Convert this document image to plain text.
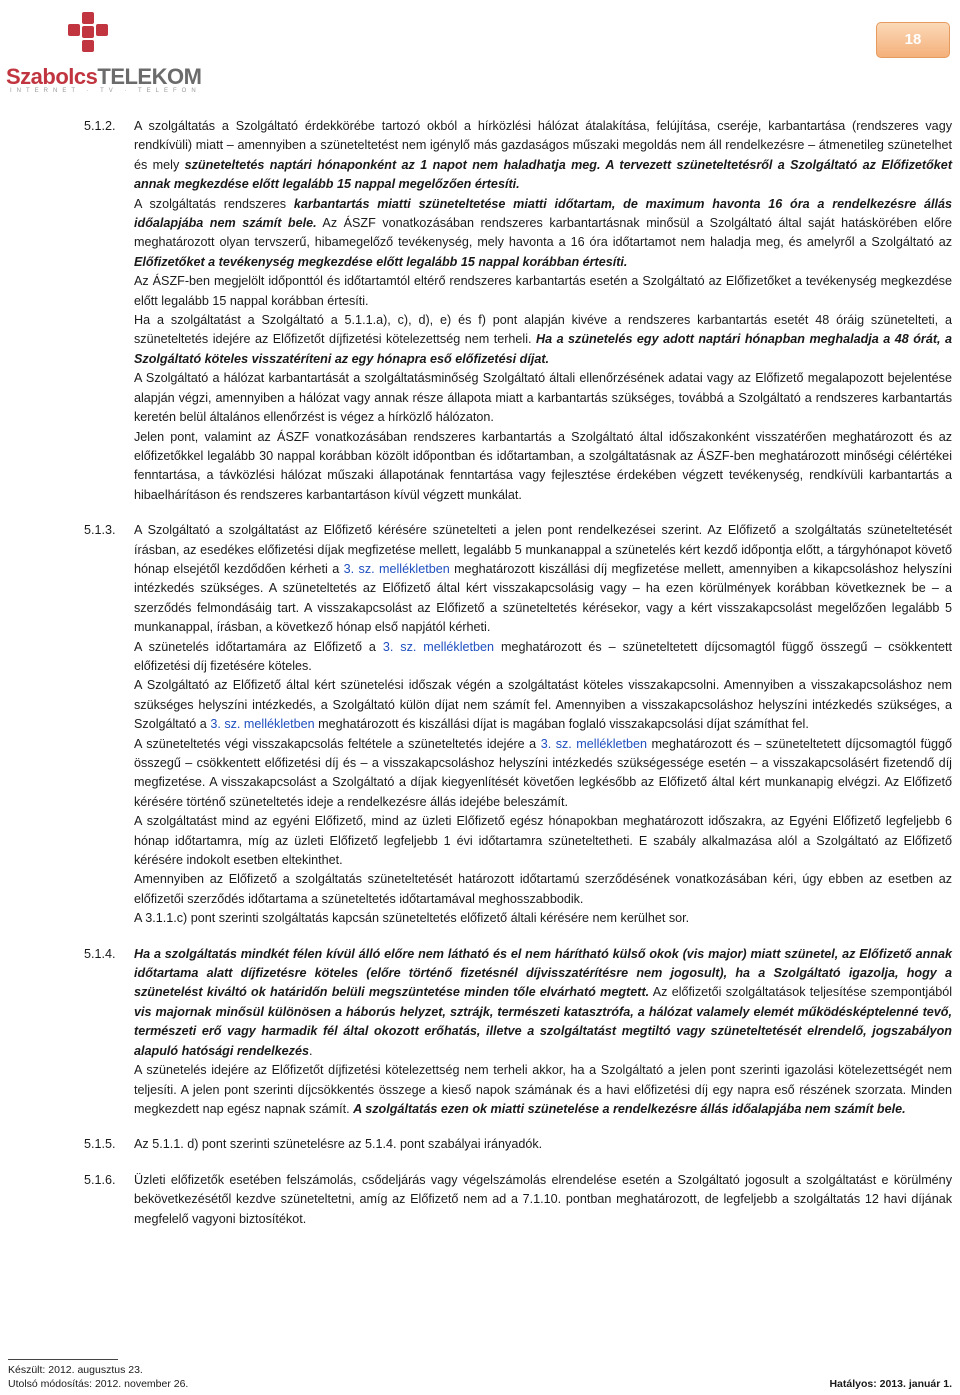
SzabolcsTELEKOM
INTERNET · TV · TELEFON
18
5.1.2.	A szolgáltatás a Szolgáltató érdekkörébe tartozó okból a hírközlési hálózat átalakítása, felújítása, cseréje, karbantartása (rendszeres vagy rendkívüli) miatt – amennyiben a szüneteltetést nem igénylő más gazdaságos műszaki megoldás nem áll rendelkezésre – átmenetileg szünetelhet és mely szüneteltetés naptári hónaponként az 1 napot nem haladhatja meg. A tervezett szüneteltetésről a Szolgáltató az Előfizetőket annak megkezdése előtt legalább 15 nappal megelőzően értesíti.

A szolgáltatás rendszeres karbantartás miatti szüneteltetése miatti időtartam, de maximum havonta 16 óra a rendelkezésre állás időalapjába nem számít bele. Az ÁSZF vonatkozásában rendszeres karbantartásnak minősül a Szolgáltató által saját hatáskörében előre meghatározott olyan tervszerű, hibamegelőző tevékenység, mely havonta a 16 óra időtartamot nem haladja meg, és amelyről a Szolgáltató az Előfizetőket a tevékenység megkezdése előtt legalább 15 nappal korábban értesíti.

Az ÁSZF-ben megjelölt időponttól és időtartamtól eltérő rendszeres karbantartás esetén a Szolgáltató az Előfizetőket a tevékenység megkezdése előtt legalább 15 nappal korábban értesíti.

Ha a szolgáltatást a Szolgáltató a 5.1.1.a), c), d), e) és f) pont alapján kivéve a rendszeres karbantartás esetét 48 óráig szünetelteti, a szüneteltetés idejére az Előfizetőt díjfizetési kötelezettség nem terheli. Ha a szünetelés egy adott naptári hónapban meghaladja a 48 órát, a Szolgáltató köteles visszatéríteni az egy hónapra eső előfizetési díjat.

A Szolgáltató a hálózat karbantartását a szolgáltatásminőség Szolgáltató általi ellenőrzésének adatai vagy az Előfizető megalapozott bejelentése alapján végzi, amennyiben a hálózat vagy annak része állapota miatt a karbantartás szükséges, továbbá a Szolgáltató a rendszeres karbantartás keretén belül általános ellenőrzést is végez a hírközlő hálózaton.

Jelen pont, valamint az ÁSZF vonatkozásában rendszeres karbantartás a Szolgáltató által időszakonként visszatérően meghatározott és az előfizetőkkel legalább 30 nappal korábban közölt időpontban és időtartamban, a szolgáltatásnak az ÁSZF-ben meghatározott minőségi célértékei fenntartása, a távközlési hálózat műszaki állapotának fenntartása vagy fejlesztése érdekében végzett tevékenység, rendkívüli karbantartás a hibaelhárításon és rendszeres karbantartáson kívül végzett munkálat.

5.1.3.	A Szolgáltató a szolgáltatást az Előfizető kérésére szünetelteti a jelen pont rendelkezései szerint. Az Előfizető a szolgáltatás szüneteltetését írásban, az esedékes előfizetési díjak megfizetése mellett, legalább 5 munkanappal a szünetelés kért kezdő időpontja előtt, a tárgyhónapot követő hónap elsejétől kezdődően kérheti a 3. sz. mellékletben meghatározott kiszállási díj megfizetése mellett, amennyiben a kikapcsoláshoz helyszíni intézkedés szükséges. A szüneteltetés az Előfizető által kért visszakapcsolásig vagy – ha ezen körülmények korábban következnek be – a szerződés felmondásáig tart. A visszakapcsolást az Előfizető a szüneteltetés kérésekor, vagy a kért visszakapcsolást megelőzően legalább 5 munkanappal, írásban, a következő hónap első napjától kérheti.

A szünetelés időtartamára az Előfizető a 3. sz. mellékletben meghatározott és – szüneteltetett díjcsomagtól függő összegű – csökkentett előfizetési díj fizetésére köteles.

A Szolgáltató az Előfizető által kért szünetelési időszak végén a szolgáltatást köteles visszakapcsolni. Amennyiben a visszakapcsoláshoz nem szükséges helyszíni intézkedés, a Szolgáltató külön díjat nem számít fel. Amennyiben a visszakapcsoláshoz helyszíni intézkedés szükséges, a Szolgáltató a 3. sz. mellékletben meghatározott és kiszállási díjat is magában foglaló visszakapcsolási díjat számíthat fel.

A szüneteltetés végi visszakapcsolás feltétele a szüneteltetés idejére a 3. sz. mellékletben meghatározott és – szüneteltetett díjcsomagtól függő összegű – csökkentett előfizetési díj és – a visszakapcsoláshoz helyszíni intézkedés szükségessége esetén – a visszakapcsolásért fizetendő díj megfizetése. A visszakapcsolást a Szolgáltató a díjak kiegyenlítését követően legkésőbb az Előfizető által kért munkanapig elvégzi. Az Előfizető kérésére történő szüneteltetés ideje a rendelkezésre állás idejébe beleszámít.

A szolgáltatást mind az egyéni Előfizető, mind az üzleti Előfizető egész hónapokban meghatározott időszakra, az Egyéni Előfizető legfeljebb 6 hónap időtartamra, míg az üzleti Előfizető legfeljebb 1 évi időtartamra szüneteltetheti. E szabály alkalmazása alól a Szolgáltató az Előfizető kérésére indokolt esetben eltekinthet.

Amennyiben az Előfizető a szolgáltatás szüneteltetését határozott időtartamú szerződésének vonatkozásában kéri, úgy ebben az esetben az előfizetői szerződés időtartama a szüneteltetés időtartamával meghosszabbodik.

A 3.1.1.c) pont szerinti szolgáltatás kapcsán szüneteltetés előfizető általi kérésére nem kerülhet sor.

5.1.4.	Ha a szolgáltatás mindkét félen kívül álló előre nem látható és el nem hárítható külső okok (vis major) miatt szünetel, az Előfizető annak időtartama alatt díjfizetésre köteles (előre történő fizetésnél díjvisszatérítésre nem jogosult), ha a Szolgáltató igazolja, hogy a szünetelést kiváltó ok határidőn belüli megszüntetése minden tőle elvárható megtett. Az előfizetői szolgáltatások teljesítése szempontjából vis majornak minősül különösen a háborús helyzet, sztrájk, természeti katasztrófa, a hálózat valamely elemét működésképtelenné tevő, természeti erő vagy harmadik fél által okozott erőhatás, illetve a szolgáltatást megtiltó vagy szüneteltetését elrendelő, jogszabályon alapuló hatósági rendelkezés.

A szünetelés idejére az Előfizetőt díjfizetési kötelezettség nem terheli akkor, ha a Szolgáltató a jelen pont szerinti igazolási kötelezettségét nem teljesíti. A jelen pont szerinti díjcsökkentés összege a kieső napok számának és a havi előfizetési díj egy napra eső részének szorzata. Minden megkezdett nap egész napnak számít. A szolgáltatás ezen ok miatti szünetelése a rendelkezésre állás időalapjába nem számít bele.

5.1.5.	Az 5.1.1. d) pont szerinti szünetelésre az 5.1.4. pont szabályai irányadók.

5.1.6.	Üzleti előfizetők esetében felszámolás, csődeljárás vagy végelszámolás elrendelése esetén a Szolgáltató jogosult a szolgáltatást e körülmény bekövetkezésétől kezdve szüneteltetni, amíg az Előfizető nem ad a 7.1.10. pontban meghatározott, de legfeljebb a szolgáltatás 12 havi díjának megfelelő vagyoni biztosítékot.

Készült: 2012. augusztus 23.
Utolsó módosítás: 2012. november 26.	Hatályos: 2013. január 1.
